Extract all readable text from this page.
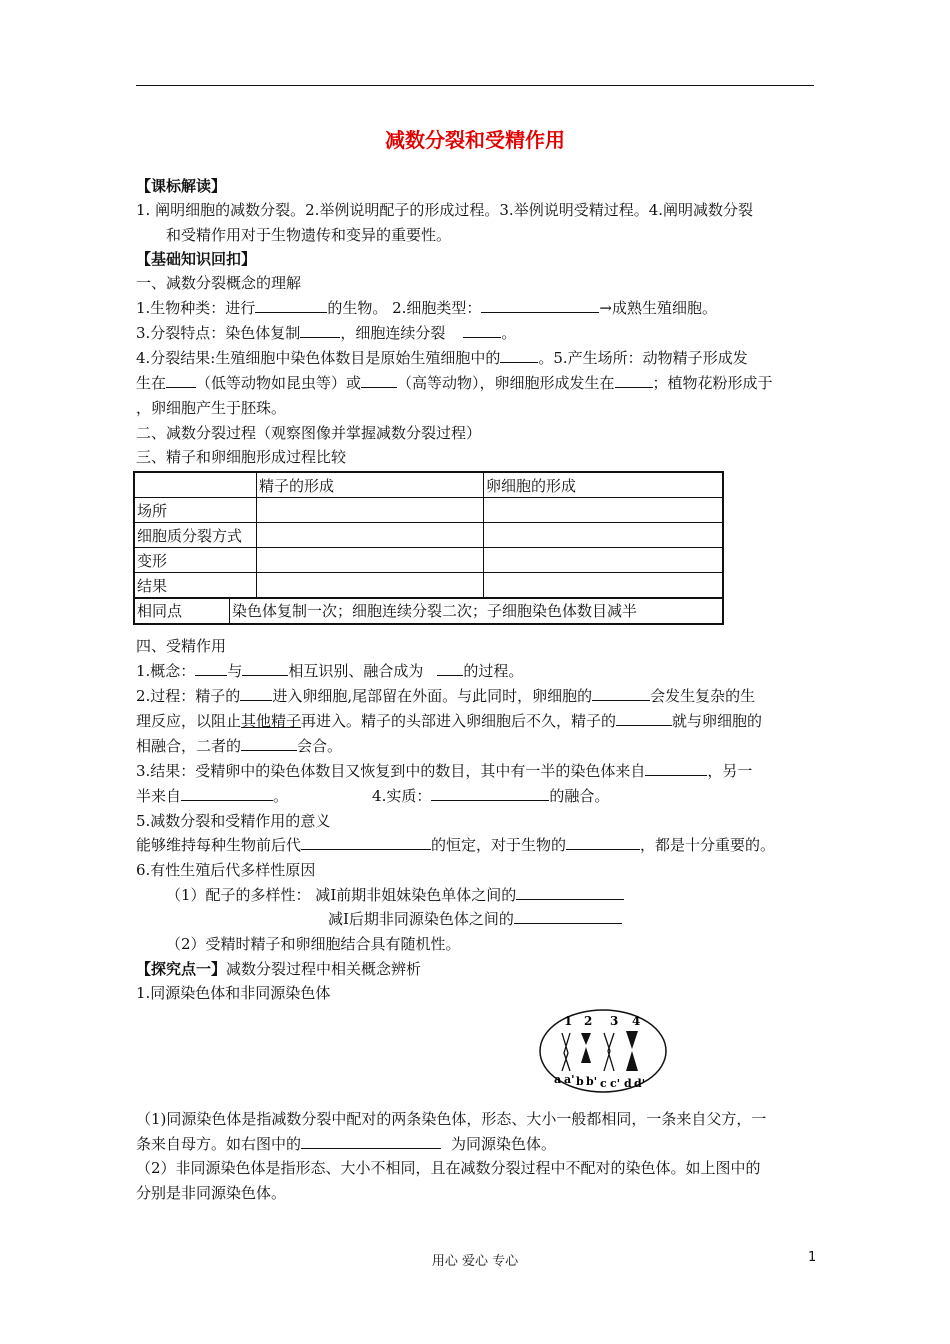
减数分裂和受精作用
【课标解读】
1. 阐明细胞的减数分裂。2.举例说明配子的形成过程。3.举例说明受精过程。4.阐明减数分裂
和受精作用对于生物遗传和变异的重要性。
【基础知识回扣】
一、减数分裂概念的理解
1.生物种类：进行	的生物。 2.细胞类型：	→成熟生殖细胞。
3.分裂特点：染色体复制	，细胞连续分裂	。
4.分裂结果:生殖细胞中染色体数目是原始生殖细胞中的	。5.产生场所：动物精子形成发
生在 （低等动物如昆虫等）或 （高等动物），卵细胞形成发生在	；植物花粉形成于
，卵细胞产生于胚珠。
二、减数分裂过程（观察图像并掌握减数分裂过程）
三、精子和卵细胞形成过程比较
	精子的形成	卵细胞的形成
场所		
细胞质分裂方式		
变形		
结果		
相同点 染色体复制一次；细胞连续分裂二次；子细胞染色体数目减半		
四、受精作用
1.概念： 与	相互识别、融合成为	的过程。
2.过程：精子的 进入卵细胞,尾部留在外面。与此同时，卵细胞的	会发生复杂的生
理反应，以阻止其他精子再进入。精子的头部进入卵细胞后不久，精子的	就与卵细胞的
相融合，二者的	会合。
3.结果：受精卵中的染色体数目又恢复到中的数目，其中有一半的染色体来自	，另一
半来自	。	4.实质：	的融合。
5.减数分裂和受精作用的意义
能够维持每种生物前后代	的恒定，对于生物的	，都是十分重要的。
6.有性生殖后代多样性原因
（1）配子的多样性： 减Ⅰ前期非姐妹染色单体之间的
减Ⅰ后期非同源染色体之间的
（2）受精时精子和卵细胞结合具有随机性。
【探究点一】减数分裂过程中相关概念辨析
1.同源染色体和非同源染色体
1 2 3 4
a a' b b' c c' d d'
（1)同源染色体是指减数分裂中配对的两条染色体，形态、大小一般都相同，一条来自父方，一
条来自母方。如右图中的	为同源染色体。
（2）非同源染色体是指形态、大小不相同，且在减数分裂过程中不配对的染色体。如上图中的
分别是非同源染色体。
用心 爱心 专心	1
